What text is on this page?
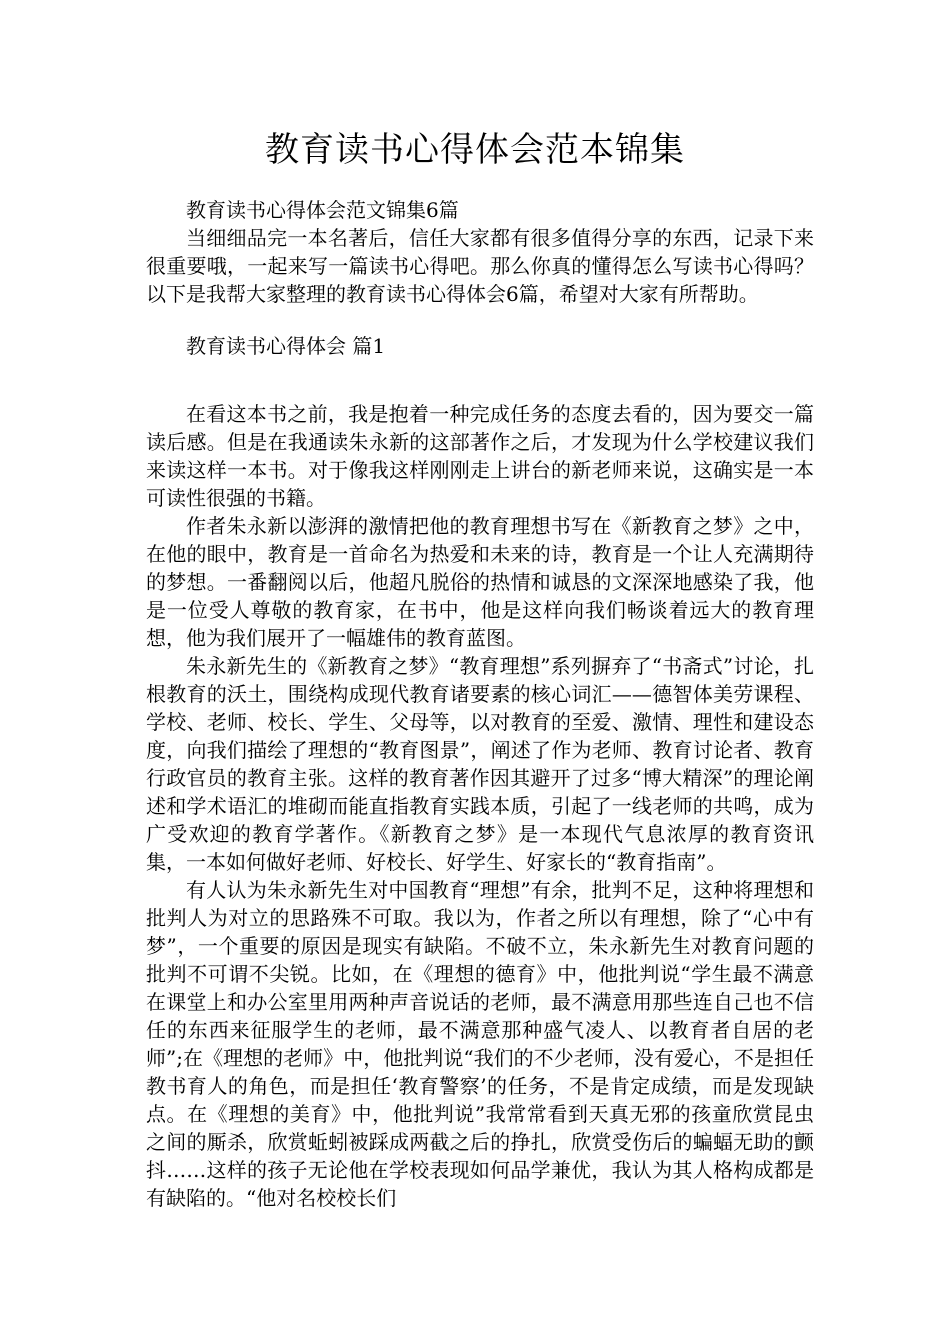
教育读书心得体会范本锦集

教育读书心得体会范文锦集6篇

当细细品完一本名著后，信任大家都有很多值得分享的东西，记录下来很重要哦，一起来写一篇读书心得吧。那么你真的懂得怎么写读书心得吗？以下是我帮大家整理的教育读书心得体会6篇，希望对大家有所帮助。

教育读书心得体会 篇1

在看这本书之前，我是抱着一种完成任务的态度去看的，因为要交一篇读后感。但是在我通读朱永新的这部著作之后，才发现为什么学校建议我们来读这样一本书。对于像我这样刚刚走上讲台的新老师来说，这确实是一本可读性很强的书籍。

作者朱永新以澎湃的激情把他的教育理想书写在《新教育之梦》之中，在他的眼中，教育是一首命名为热爱和未来的诗，教育是一个让人充满期待的梦想。一番翻阅以后，他超凡脱俗的热情和诚恳的文深深地感染了我，他是一位受人尊敬的教育家，在书中，他是这样向我们畅谈着远大的教育理想，他为我们展开了一幅雄伟的教育蓝图。

朱永新先生的《新教育之梦》“教育理想”系列摒弃了“书斋式”讨论，扎根教育的沃土，围绕构成现代教育诸要素的核心词汇——德智体美劳课程、学校、老师、校长、学生、父母等，以对教育的至爱、激情、理性和建设态度，向我们描绘了理想的“教育图景”，阐述了作为老师、教育讨论者、教育行政官员的教育主张。这样的教育著作因其避开了过多“博大精深”的理论阐述和学术语汇的堆砌而能直指教育实践本质，引起了一线老师的共鸣，成为广受欢迎的教育学著作。《新教育之梦》是一本现代气息浓厚的教育资讯集，一本如何做好老师、好校长、好学生、好家长的“教育指南”。

有人认为朱永新先生对中国教育“理想”有余，批判不足，这种将理想和批判人为对立的思路殊不可取。我以为，作者之所以有理想，除了“心中有梦”，一个重要的原因是现实有缺陷。不破不立，朱永新先生对教育问题的批判不可谓不尖锐。比如，在《理想的德育》中，他批判说“学生最不满意在课堂上和办公室里用两种声音说话的老师，最不满意用那些连自己也不信任的东西来征服学生的老师，最不满意那种盛气凌人、以教育者自居的老师”;在《理想的老师》中，他批判说“我们的不少老师，没有爱心，不是担任教书育人的角色，而是担任‘教育警察’的任务，不是肯定成绩，而是发现缺点。在《理想的美育》中，他批判说”我常常看到天真无邪的孩童欣赏昆虫之间的厮杀，欣赏蚯蚓被踩成两截之后的挣扎，欣赏受伤后的蝙蝠无助的颤抖……这样的孩子无论他在学校表现如何品学兼优，我认为其人格构成都是有缺陷的。“他对名校校长们
